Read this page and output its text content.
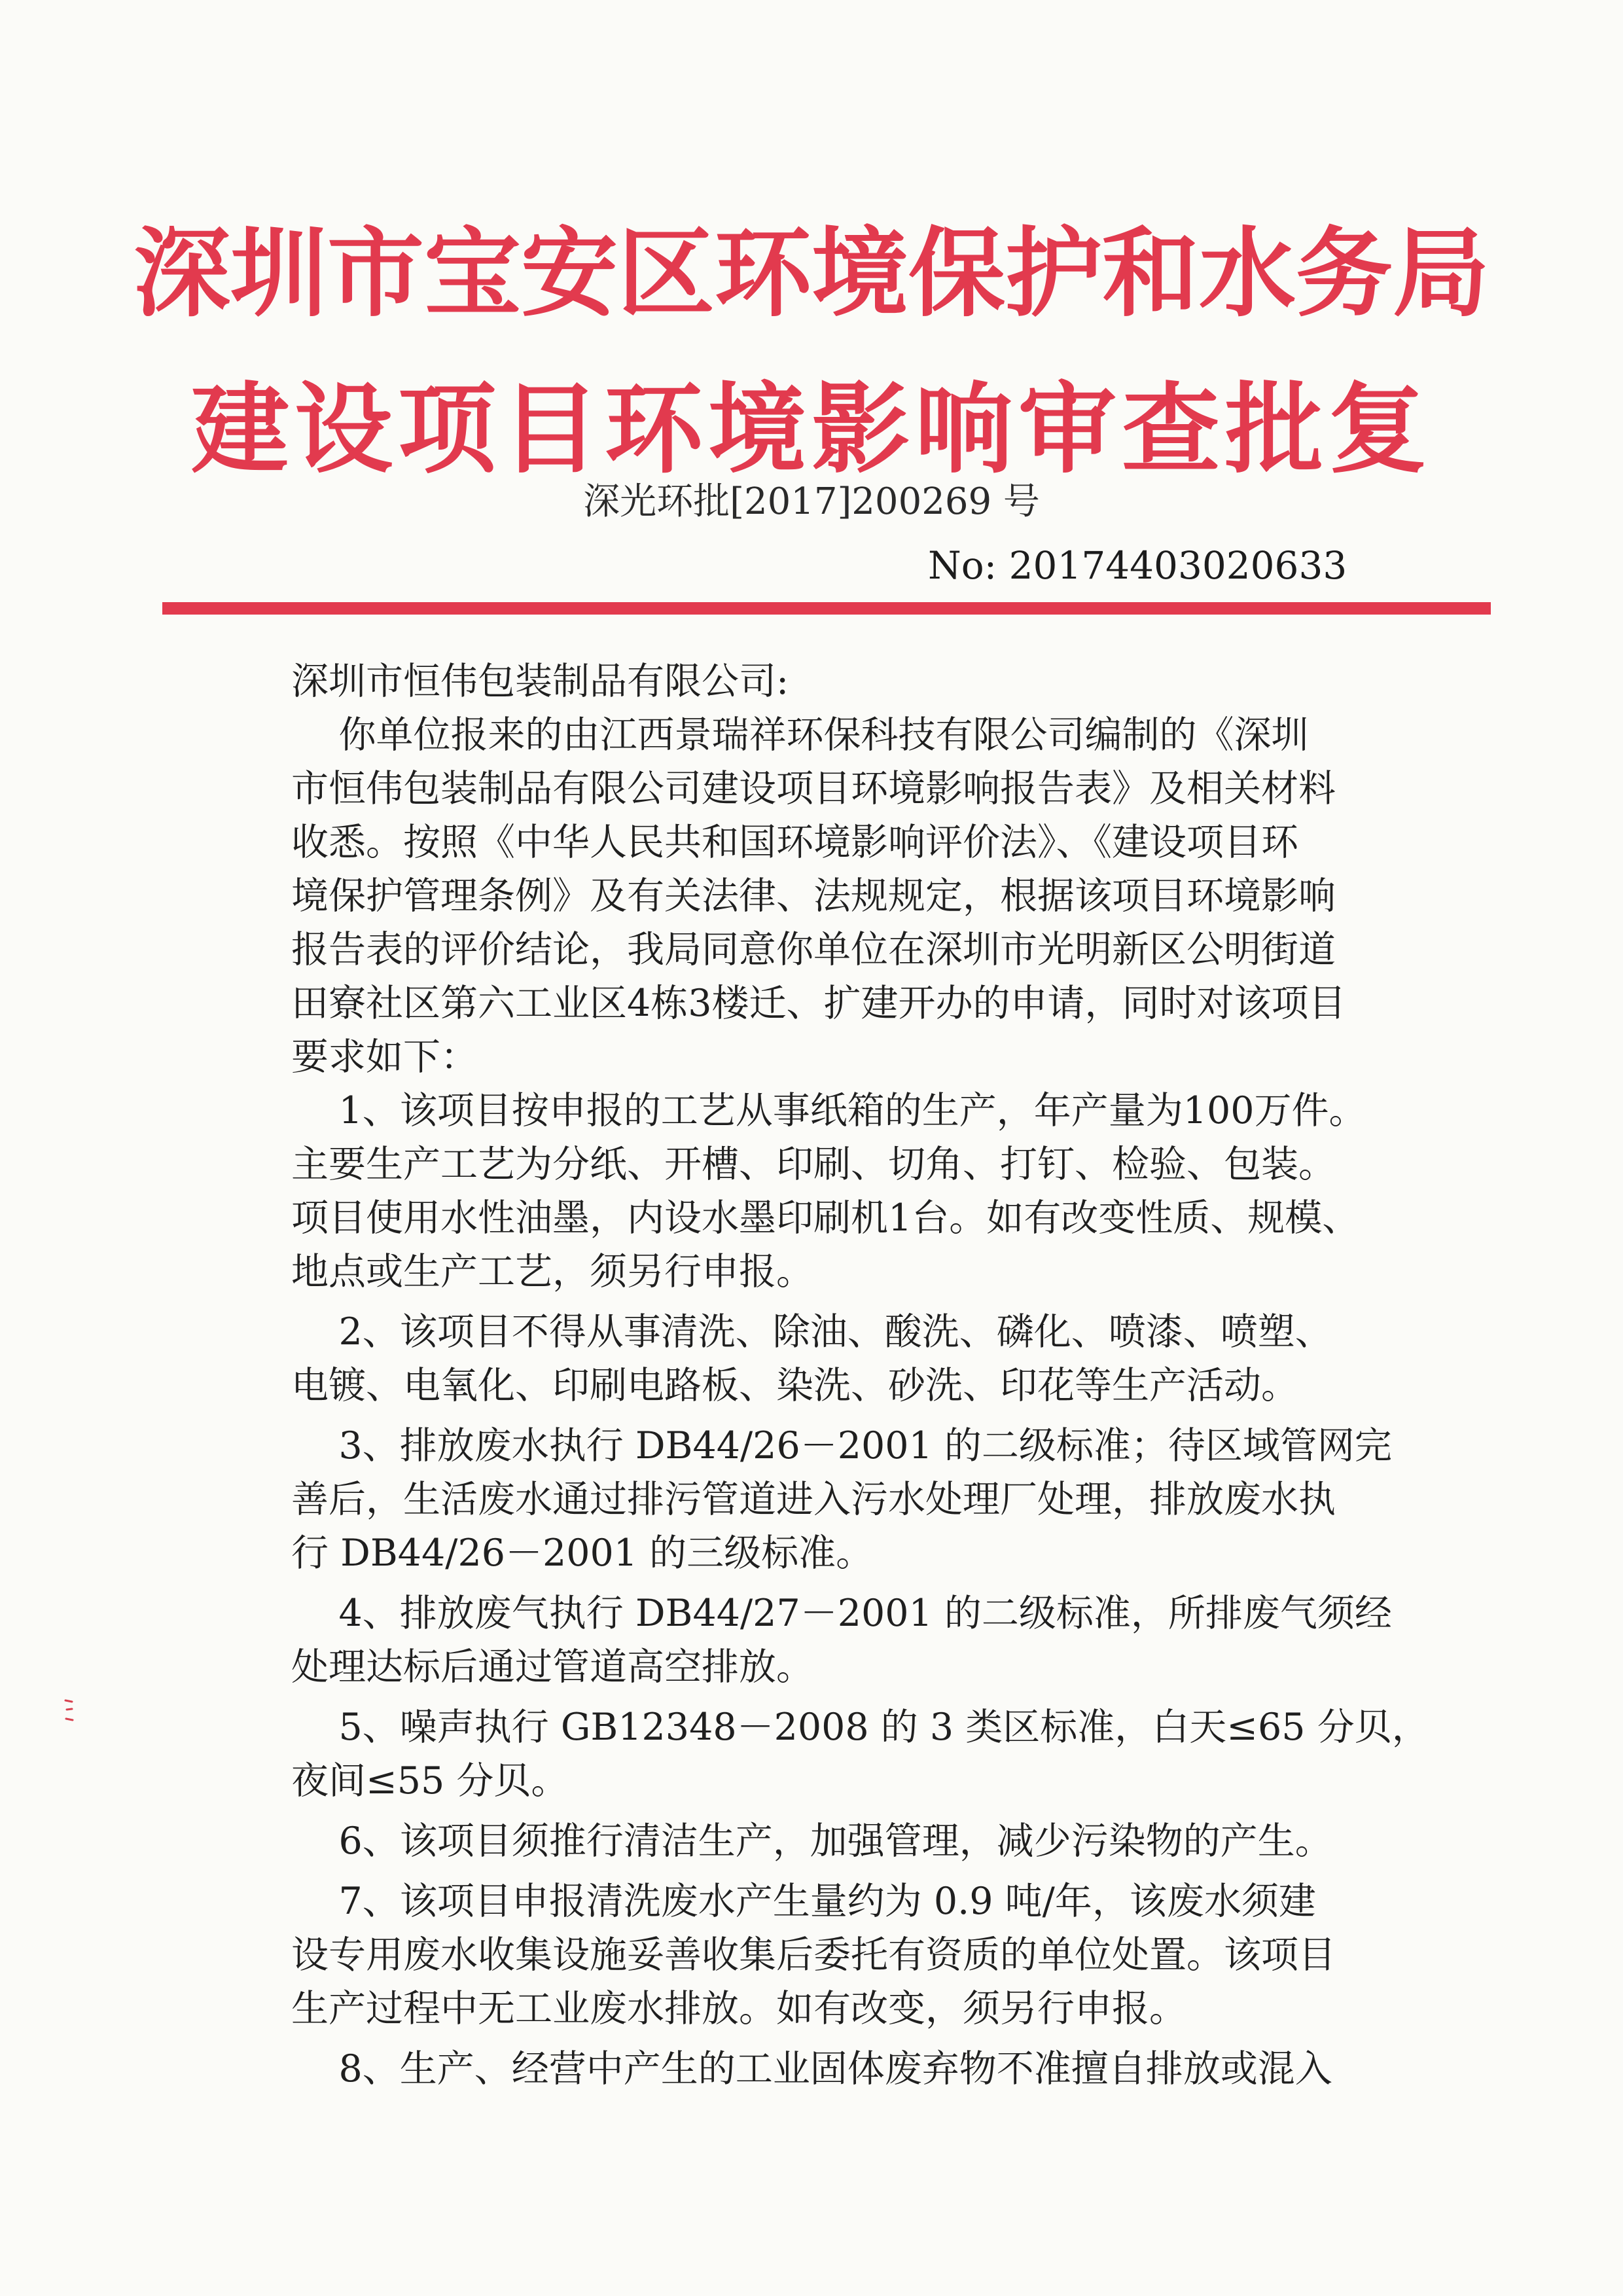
深圳市宝安区环境保护和水务局
建设项目环境影响审查批复
深光环批[2017]200269 号
No: 20174403020633
深圳市恒伟包装制品有限公司:
你单位报来的由江西景瑞祥环保科技有限公司编制的《深圳
市恒伟包装制品有限公司建设项目环境影响报告表》及相关材料
收悉。按照《中华人民共和国环境影响评价法》、《建设项目环
境保护管理条例》及有关法律、法规规定，根据该项目环境影响
报告表的评价结论，我局同意你单位在深圳市光明新区公明街道
田寮社区第六工业区4栋3楼迁、扩建开办的申请，同时对该项目
要求如下：
1、该项目按申报的工艺从事纸箱的生产，年产量为100万件。
主要生产工艺为分纸、开槽、印刷、切角、打钉、检验、包装。
项目使用水性油墨，内设水墨印刷机1台。如有改变性质、规模、
地点或生产工艺，须另行申报。
2、该项目不得从事清洗、除油、酸洗、磷化、喷漆、喷塑、
电镀、电氧化、印刷电路板、染洗、砂洗、印花等生产活动。
3、排放废水执行 DB44/26－2001 的二级标准；待区域管网完
善后，生活废水通过排污管道进入污水处理厂处理，排放废水执
行 DB44/26－2001 的三级标准。
4、排放废气执行 DB44/27－2001 的二级标准，所排废气须经
处理达标后通过管道高空排放。
5、噪声执行 GB12348－2008 的 3 类区标准，白天≤65 分贝，
夜间≤55 分贝。
6、该项目须推行清洁生产，加强管理，减少污染物的产生。
7、该项目申报清洗废水产生量约为 0.9 吨/年，该废水须建
设专用废水收集设施妥善收集后委托有资质的单位处置。该项目
生产过程中无工业废水排放。如有改变，须另行申报。
8、生产、经营中产生的工业固体废弃物不准擅自排放或混入
